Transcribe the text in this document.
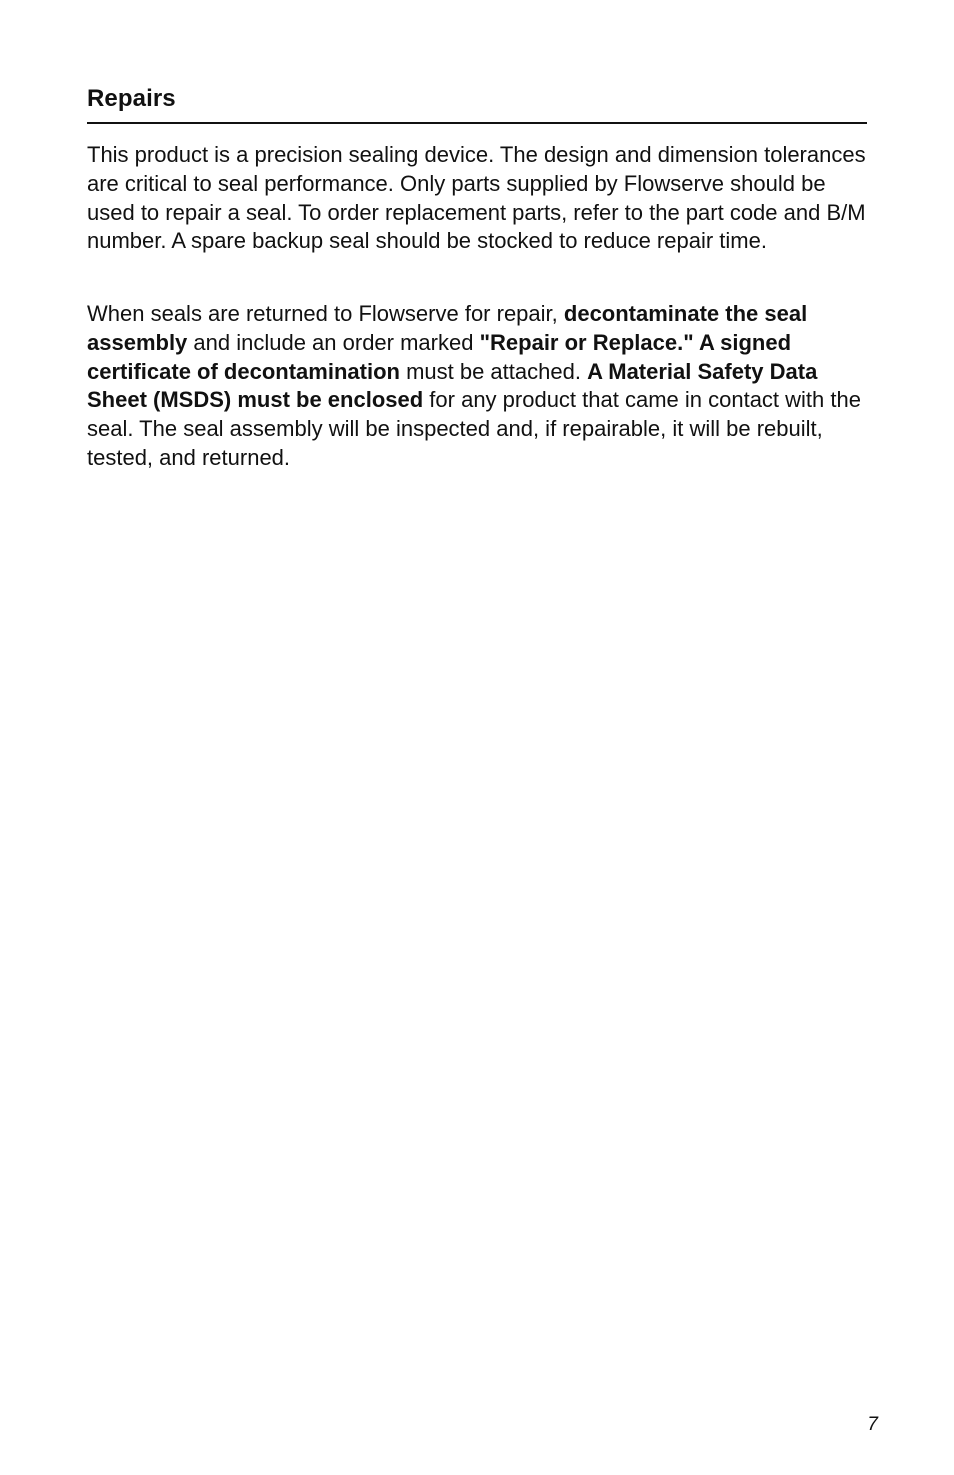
Repairs

This product is a precision sealing device. The design and dimension tolerances are critical to seal performance. Only parts supplied by Flowserve should be used to repair a seal. To order replacement parts, refer to the part code and B/M number. A spare backup seal should be stocked to reduce repair time.

When seals are returned to Flowserve for repair, decontaminate the seal assembly and include an order marked "Repair or Replace." A signed certificate of decontamination must be attached. A Material Safety Data Sheet (MSDS) must be enclosed for any product that came in contact with the seal. The seal assembly will be inspected and, if repairable, it will be rebuilt, tested, and returned.

7
